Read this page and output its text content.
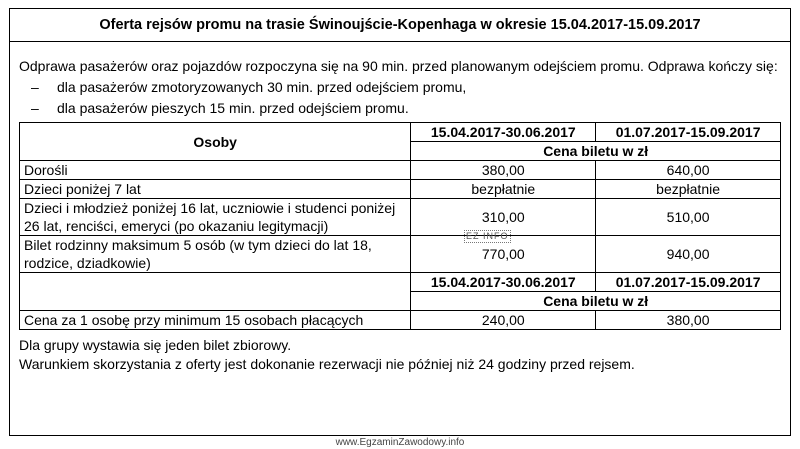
Oferta rejsów promu na trasie Świnoujście-Kopenhaga w okresie 15.04.2017-15.09.2017

Odprawa pasażerów oraz pojazdów rozpoczyna się na 90 min. przed planowanym odejściem promu. Odprawa kończy się:

– dla pasażerów zmotoryzowanych 30 min. przed odejściem promu,
– dla pasażerów pieszych 15 min. przed odejściem promu.
Osoby	15.04.2017-30.06.2017	01.07.2017-15.09.2017
	Cena biletu w zł	
Dorośli	380,00	640,00
Dzieci poniżej 7 lat	bezpłatnie	bezpłatnie
Dzieci i młodzież poniżej 16 lat, uczniowie i studenci poniżej 26 lat, renciści, emeryci (po okazaniu legitymacji)	310,00	510,00
Bilet rodzinny maksimum 5 osób (w tym dzieci do lat 18, rodzice, dziadkowie)	770,00	940,00
	15.04.2017-30.06.2017	01.07.2017-15.09.2017
	Cena biletu w zł	
Cena za 1 osobę przy minimum 15 osobach płacących	240,00	380,00

Dla grupy wystawia się jeden bilet zbiorowy.

Warunkiem skorzystania z oferty jest dokonanie rezerwacji nie później niż 24 godziny przed rejsem.

EZ INFO
www.EgzaminZawodowy.info
